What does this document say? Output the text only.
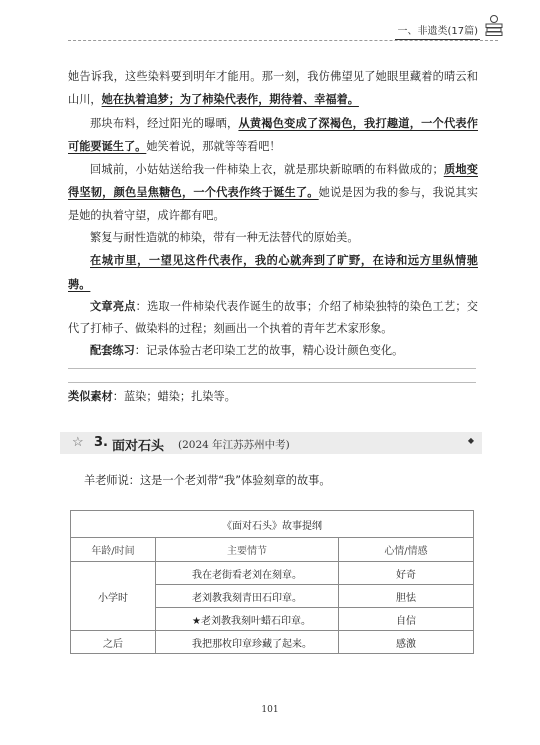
一、非遗类(17篇)

她告诉我，这些染料要到明年才能用。那一刻，我仿佛望见了她眼里藏着的晴云和山川，她在执着追梦；为了柿染代表作，期待着、幸福着。

那块布料，经过阳光的曝晒，从黄褐色变成了深褐色，我打趣道，一个代表作可能要诞生了。她笑着说，那就等等看吧！

回城前，小姑姑送给我一件柿染上衣，就是那块新晾晒的布料做成的；质地变得坚韧，颜色呈焦糖色，一个代表作终于诞生了。她说是因为我的参与，我说其实是她的执着守望，成许都有吧。

繁复与耐性造就的柿染，带有一种无法替代的原始美。

在城市里，一望见这件代表作，我的心就奔到了旷野，在诗和远方里纵情驰骋。

文章亮点：选取一件柿染代表作诞生的故事；介绍了柿染独特的染色工艺；交代了打柿子、做染料的过程；刻画出一个执着的青年艺术家形象。

配套练习：记录体验古老印染工艺的故事，精心设计颜色变化。

类似素材：蓝染；蜡染；扎染等。
☆ 3. 面对石头 (2024 年江苏苏州中考)	◆
羊老师说：这是一个老刘带“我”体验刻章的故事。
《面对石头》故事提纲		
年龄/时间	主要情节	心情/情感
小学时	我在老街看老刘在刻章。	好奇
	老刘教我刻青田石印章。	胆怯
	★老刘教我刻叶蜡石印章。	自信
之后	我把那枚印章珍藏了起来。	感激
101
